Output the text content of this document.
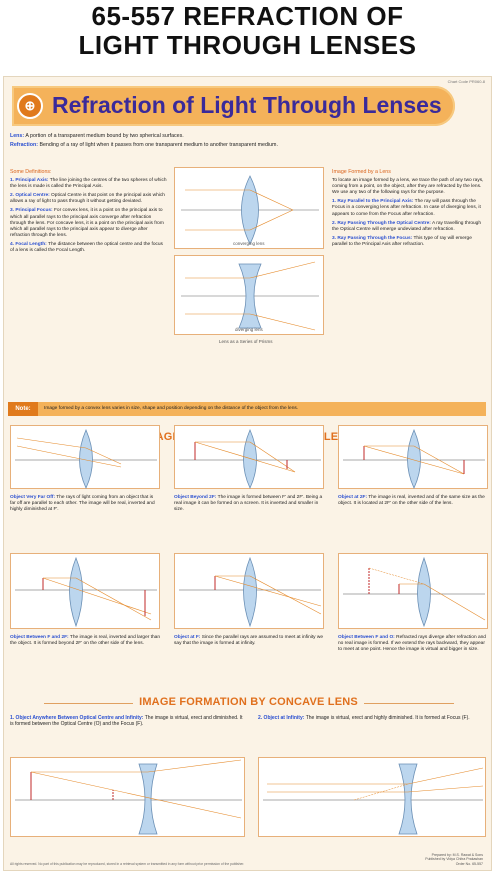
65-557 REFRACTION OF
LIGHT THROUGH LENSES
Chart Code PR060-8
⊕ Refraction of Light Through Lenses
Lens: A portion of a transparent medium bound by two spherical surfaces.
Refraction: Bending of a ray of light when it passes from one transparent medium to another transparent medium.
Some Definitions:

1. Principal Axis: The line joining the centres of the two spheres of which the lens is made is called the Principal Axis.

2. Optical Centre: Optical Centre is that point on the principal axis which allows a ray of light to pass through it without getting deviated.

3. Principal Focus: For convex lens, it is a point on the principal axis to which all parallel rays to the principal axis converge after refraction through the lens. For concave lens, it is a point on the principal axis from which all parallel rays to the principal axis appear to diverge after refraction through the lens.

4. Focal Length: The distance between the optical centre and the focus of a lens is called the Focal Length.

converging lens
diverging lens
Lens as a Series of Prisms
Image Formed by a Lens

To locate an image formed by a lens, we trace the path of any two rays, coming from a point, on the object, after they are refracted by the lens. We use any two of the following rays for the purpose.

1. Ray Parallel to the Principal Axis: The ray will pass through the Focus in a converging lens after refraction. In case of diverging lens, it appears to come from the Focus after refraction.

2. Ray Passing Through the Optical Centre: A ray travelling through the Optical Centre will emerge undeviated after refraction.

3. Ray Passing Through the Focus: This type of ray will emerge parallel to the Principal Axis after refraction.

Note:	Image formed by a convex lens varies in size, shape and position depending on the distance of the object from the lens.
IMAGE
Object Very Far Off: The rays of light coming from an object that is far off are parallel to each other. The image will be real, inverted and highly diminished at F'.
Object Beyond 2F: The image is formed between F' and 2F'. Being a real image it can be formed on a screen. It is inverted and smaller in size.
Object at 2F: The image is real, inverted and of the same size as the object. It is located at 2F' on the other side of the lens.
Object Between F and 2F: The image is real, inverted and larger than the object. It is formed beyond 2F' on the other side of the lens.
Object at F: Since the parallel rays are assumed to meet at infinity we say that the image is formed at infinity.
Object Between F and O: Refracted rays diverge after refraction and no real image is formed. If we extend the rays backward, they appear to meet at one point. Hence the image is virtual and bigger in size.
IMAGE FORMATION BY CONCAVE LENS
1. Object Anywhere Between Optical Centre and Infinity: The image is virtual, erect and diminished. It is formed between the Optical Centre (O) and the Focus (F).
2. Object at Infinity: The image is virtual, erect and highly diminished. It is formed at Focus (F).
Prepared by: M.S. Rawat & Sons
Published by Vidya Chitra Prakashan
Order No. 65-557
All rights reserved. No part of this publication may be reproduced, stored in a retrieval system or transmitted in any form without prior permission of the publisher.
